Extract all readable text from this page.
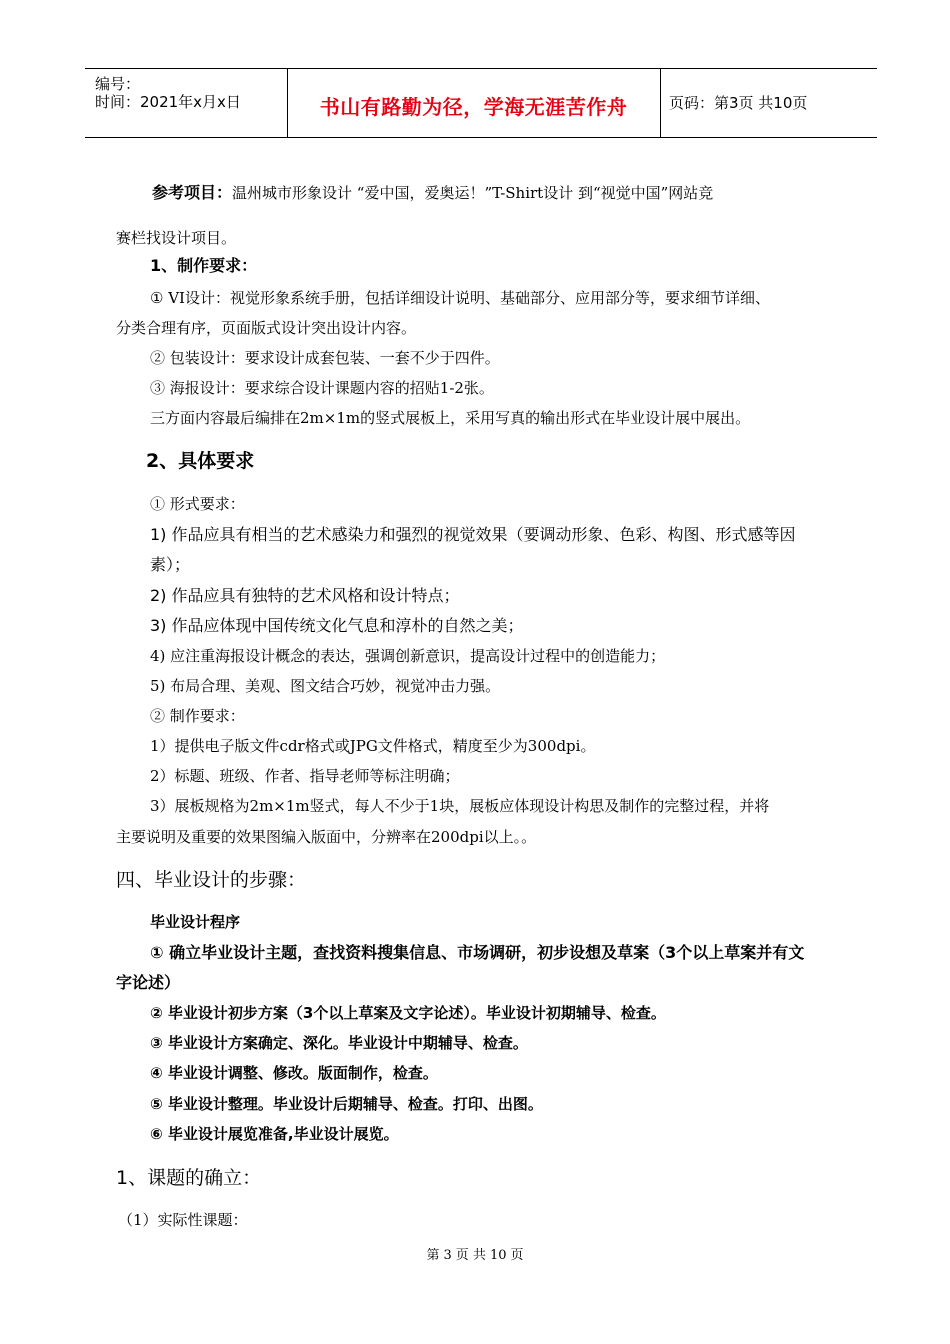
编号：
时间：2021年x月x日	书山有路勤为径，学海无涯苦作舟	页码：第3页 共10页
参考项目：温州城市形象设计 “爱中国，爱奥运！”T-Shirt设计 到“视觉中国”网站竞
赛栏找设计项目。
1、制作要求：
① VI设计：视觉形象系统手册，包括详细设计说明、基础部分、应用部分等，要求细节详细、
分类合理有序，页面版式设计突出设计内容。
② 包装设计：要求设计成套包装、一套不少于四件。
③ 海报设计：要求综合设计课题内容的招贴1-2张。
三方面内容最后编排在2m×1m的竖式展板上，采用写真的输出形式在毕业设计展中展出。
2、具体要求
① 形式要求：
1) 作品应具有相当的艺术感染力和强烈的视觉效果（要调动形象、色彩、构图、形式感等因
素）；
2) 作品应具有独特的艺术风格和设计特点；
3) 作品应体现中国传统文化气息和淳朴的自然之美；
4) 应注重海报设计概念的表达，强调创新意识，提高设计过程中的创造能力；
5) 布局合理、美观、图文结合巧妙，视觉冲击力强。
② 制作要求：
1）提供电子版文件cdr格式或JPG文件格式，精度至少为300dpi。
2）标题、班级、作者、指导老师等标注明确；
3）展板规格为2m×1m竖式，每人不少于1块，展板应体现设计构思及制作的完整过程，并将
主要说明及重要的效果图编入版面中，分辨率在200dpi以上。。
四、毕业设计的步骤：
毕业设计程序
① 确立毕业设计主题，查找资料搜集信息、市场调研，初步设想及草案（3个以上草案并有文
字论述）
② 毕业设计初步方案（3个以上草案及文字论述）。毕业设计初期辅导、检查。
③ 毕业设计方案确定、深化。毕业设计中期辅导、检查。
④ 毕业设计调整、修改。版面制作，检查。
⑤ 毕业设计整理。毕业设计后期辅导、检查。打印、出图。
⑥ 毕业设计展览准备,毕业设计展览。
1、课题的确立：
（1）实际性课题：
第 3 页 共 10 页
